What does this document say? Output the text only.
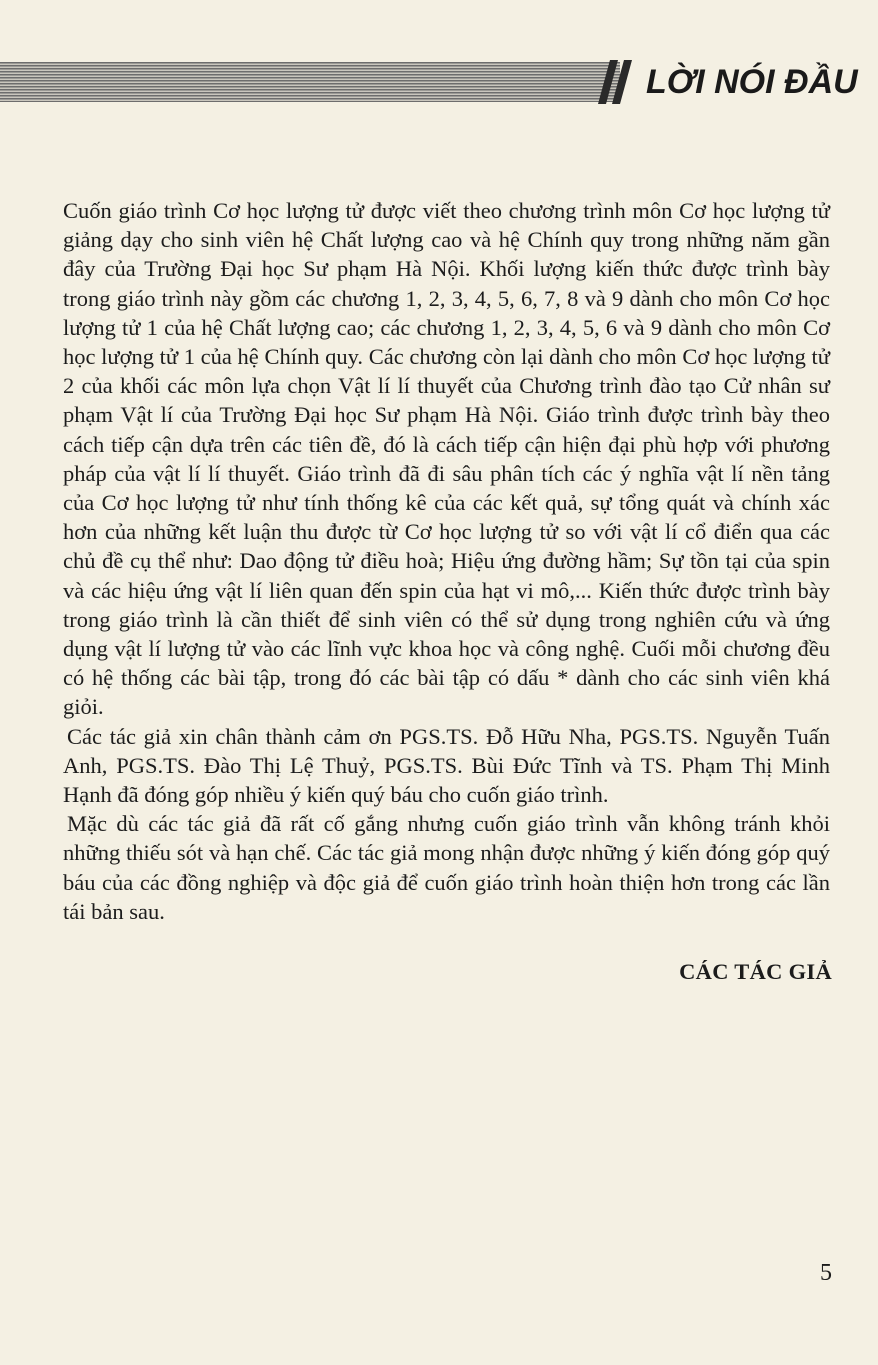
LỜI NÓI ĐẦU

Cuốn giáo trình Cơ học lượng tử được viết theo chương trình môn Cơ học lượng tử giảng dạy cho sinh viên hệ Chất lượng cao và hệ Chính quy trong những năm gần đây của Trường Đại học Sư phạm Hà Nội. Khối lượng kiến thức được trình bày trong giáo trình này gồm các chương 1, 2, 3, 4, 5, 6, 7, 8 và 9 dành cho môn Cơ học lượng tử 1 của hệ Chất lượng cao; các chương 1, 2, 3, 4, 5, 6 và 9 dành cho môn Cơ học lượng tử 1 của hệ Chính quy. Các chương còn lại dành cho môn Cơ học lượng tử 2 của khối các môn lựa chọn Vật lí lí thuyết của Chương trình đào tạo Cử nhân sư phạm Vật lí của Trường Đại học Sư phạm Hà Nội. Giáo trình được trình bày theo cách tiếp cận dựa trên các tiên đề, đó là cách tiếp cận hiện đại phù hợp với phương pháp của vật lí lí thuyết. Giáo trình đã đi sâu phân tích các ý nghĩa vật lí nền tảng của Cơ học lượng tử như tính thống kê của các kết quả, sự tổng quát và chính xác hơn của những kết luận thu được từ Cơ học lượng tử so với vật lí cổ điển qua các chủ đề cụ thể như: Dao động tử điều hoà; Hiệu ứng đường hầm; Sự tồn tại của spin và các hiệu ứng vật lí liên quan đến spin của hạt vi mô,... Kiến thức được trình bày trong giáo trình là cần thiết để sinh viên có thể sử dụng trong nghiên cứu và ứng dụng vật lí lượng tử vào các lĩnh vực khoa học và công nghệ. Cuối mỗi chương đều có hệ thống các bài tập, trong đó các bài tập có dấu * dành cho các sinh viên khá giỏi.

Các tác giả xin chân thành cảm ơn PGS.TS. Đỗ Hữu Nha, PGS.TS. Nguyễn Tuấn Anh, PGS.TS. Đào Thị Lệ Thuỷ, PGS.TS. Bùi Đức Tĩnh và TS. Phạm Thị Minh Hạnh đã đóng góp nhiều ý kiến quý báu cho cuốn giáo trình.

Mặc dù các tác giả đã rất cố gắng nhưng cuốn giáo trình vẫn không tránh khỏi những thiếu sót và hạn chế. Các tác giả mong nhận được những ý kiến đóng góp quý báu của các đồng nghiệp và độc giả để cuốn giáo trình hoàn thiện hơn trong các lần tái bản sau.

CÁC TÁC GIẢ
5
